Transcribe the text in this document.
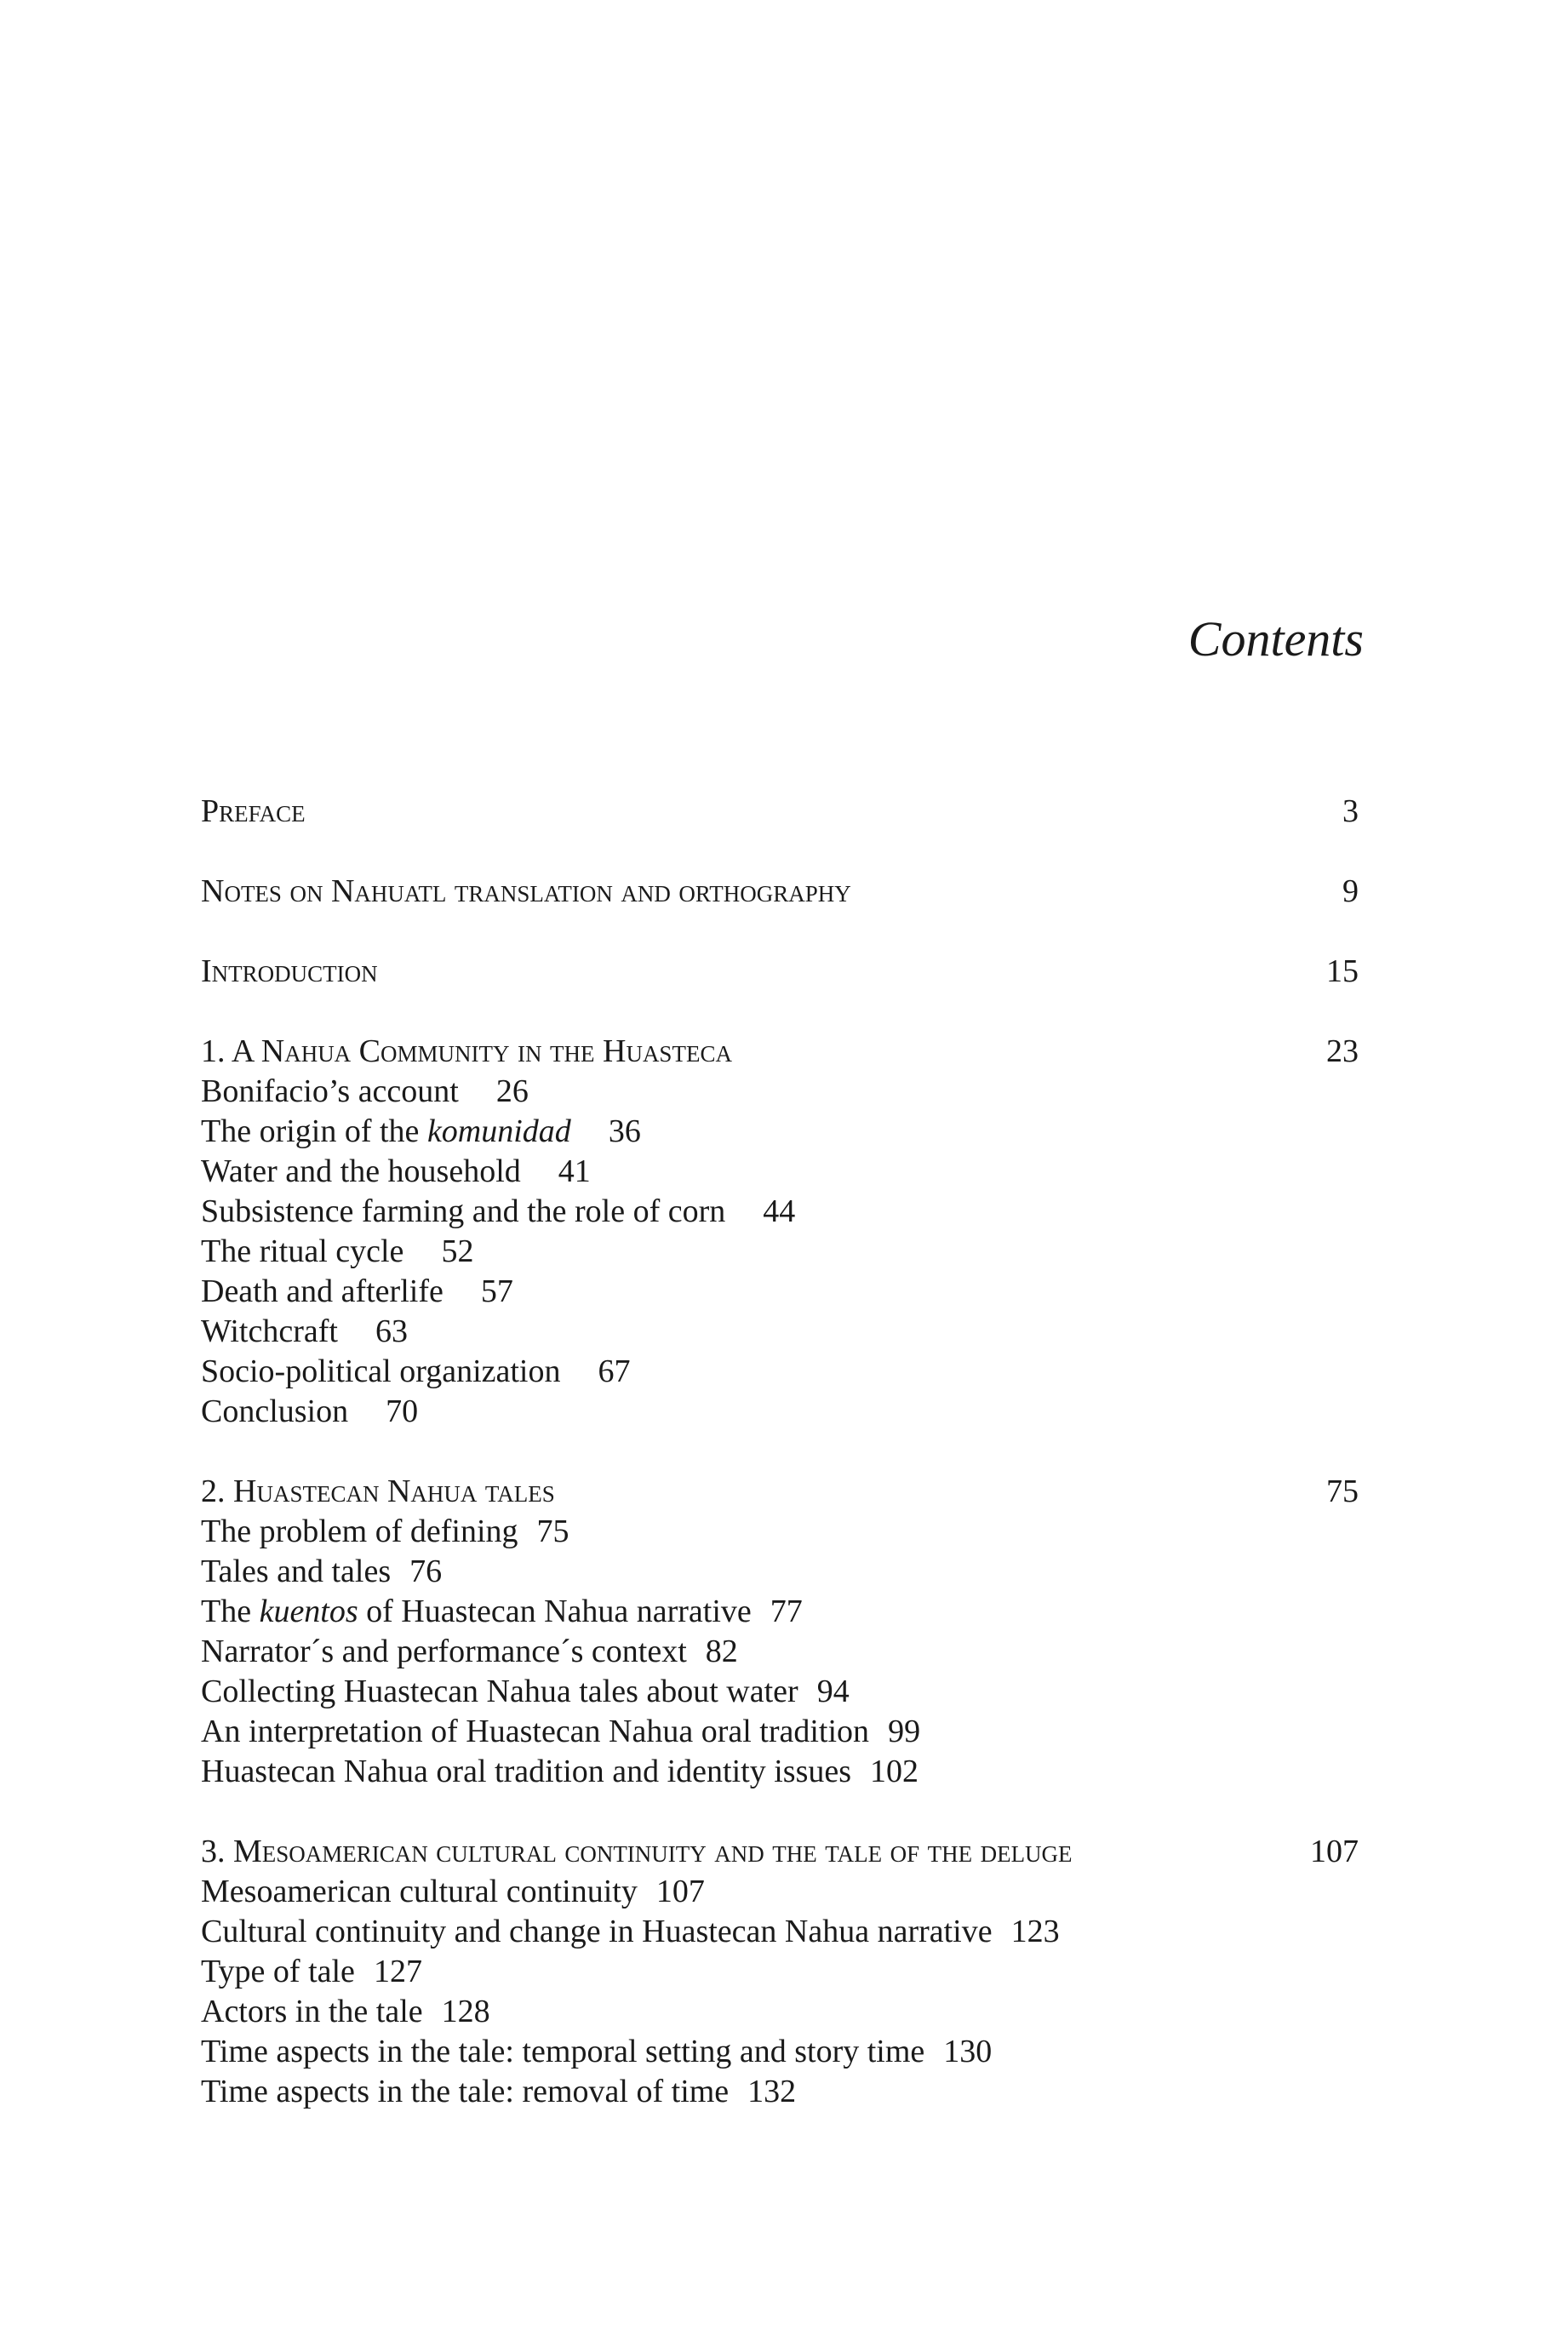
Contents
Preface	3
Notes on Nahuatl translation and orthography	9
Introduction	15
1. A Nahua Community in the Huasteca	23
Bonifacio’s account 26
The origin of the komunidad 36
Water and the household 41
Subsistence farming and the role of corn 44
The ritual cycle 52
Death and afterlife 57
Witchcraft 63
Socio-political organization 67
Conclusion 70
2. Huastecan Nahua tales	75
The problem of defining 75
Tales and tales 76
The kuentos of Huastecan Nahua narrative 77
Narrator´s and performance´s context 82
Collecting Huastecan Nahua tales about water 94
An interpretation of Huastecan Nahua oral tradition 99
Huastecan Nahua oral tradition and identity issues 102
3. Mesoamerican cultural continuity and the tale of the deluge	107
Mesoamerican cultural continuity 107
Cultural continuity and change in Huastecan Nahua narrative 123
Type of tale 127
Actors in the tale 128
Time aspects in the tale: temporal setting and story time 130
Time aspects in the tale: removal of time 132
